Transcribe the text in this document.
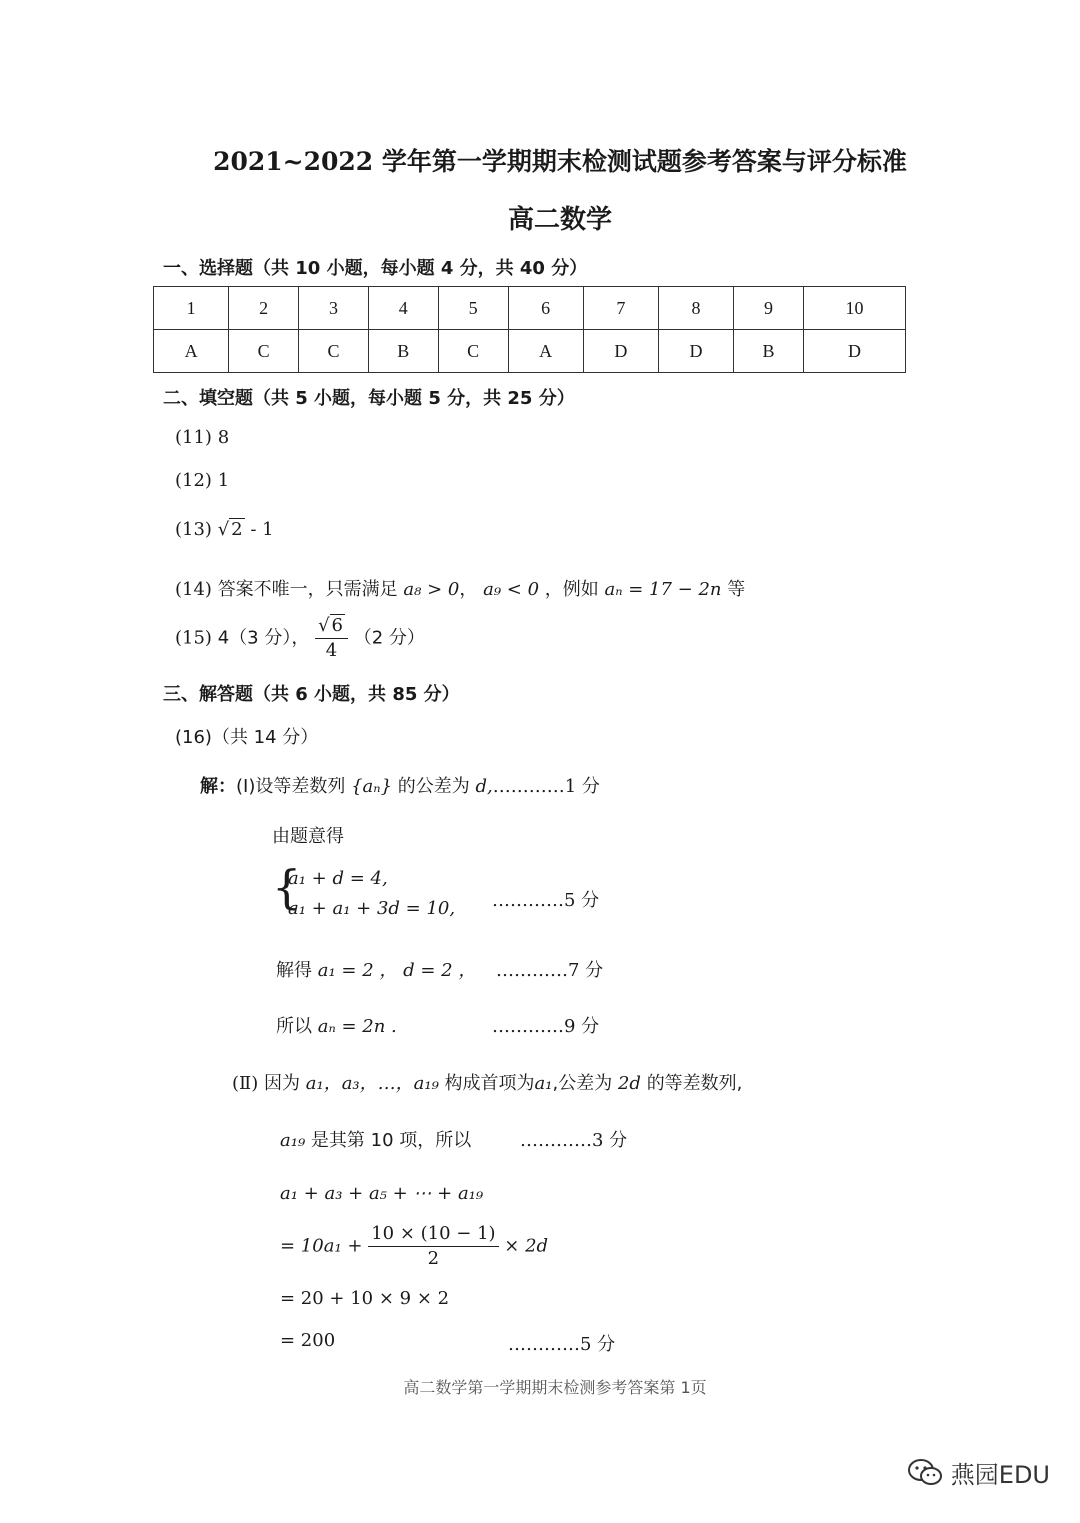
2021~2022 学年第一学期期末检测试题参考答案与评分标准
高二数学
一、选择题（共 10 小题，每小题 4 分，共 40 分）
1	2	3	4	5	6	7	8	9	10
A	C	C	B	C	A	D	D	B	D
二、填空题（共 5 小题，每小题 5 分，共 25 分）
(11) 8
(12) 1
(13) √ 2 - 1
(14) 答案不唯一，只需满足 a₈ > 0， a₉ < 0 ，例如 aₙ = 17 − 2n 等
(15) 4（3 分）， $\frac{√ 6}{4} (2$ 分）
三、解答题（共 6 小题，共 85 分）
(16)（共 14 分）
解：(Ⅰ)设等差数列 {aₙ} 的公差为 d,…………1 分
由题意得
{
a₁ + d = 4,
a₁ + a₁ + 3d = 10, …………5 分
解得 a₁ = 2 ， d = 2 ， …………7 分
所以 aₙ = 2n .	…………9 分
(Ⅱ) 因为 a₁，a₃，…，a₁₉ 构成首项为a₁,公差为 2d 的等差数列,
a₁₉ 是其第 10 项，所以	…………3 分
a₁ + a₃ + a₅ + ⋯ + a₁₉
= $10a_1 + \frac{10 \times (10 - 1)}{2} \times 2d$
= 20 + 10 × 9 × 2
= 200	…………5 分
高二数学第一学期期末检测参考答案第 1页
燕园EDU
